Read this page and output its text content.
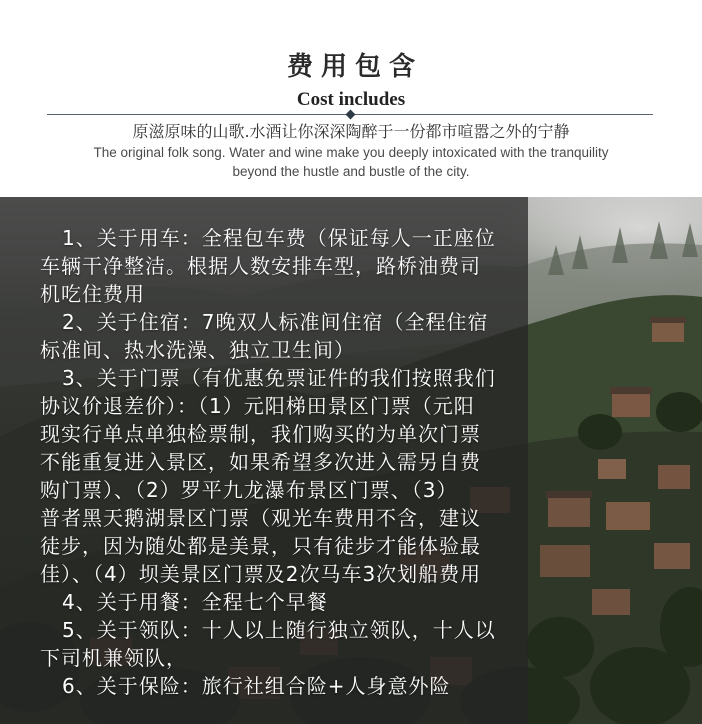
费用包含
Cost includes
原滋原味的山歌.水酒让你深深陶醉于一份都市喧嚣之外的宁静
The original folk song. Water and wine make you deeply intoxicated with the tranquility
beyond the hustle and bustle of the city.
1、关于用车：全程包车费（保证每人一正座位
车辆干净整洁。根据人数安排车型，路桥油费司
机吃住费用
2、关于住宿：7晚双人标准间住宿（全程住宿
标准间、热水洗澡、独立卫生间）
3、关于门票（有优惠免票证件的我们按照我们
协议价退差价）：（1）元阳梯田景区门票（元阳
现实行单点单独检票制，我们购买的为单次门票
不能重复进入景区，如果希望多次进入需另自费
购门票）、（2）罗平九龙瀑布景区门票、（3）
普者黑天鹅湖景区门票（观光车费用不含，建议
徒步，因为随处都是美景，只有徒步才能体验最
佳）、（4）坝美景区门票及2次马车3次划船费用
4、关于用餐：全程七个早餐
5、关于领队：十人以上随行独立领队，十人以
下司机兼领队，
6、关于保险：旅行社组合险+人身意外险
